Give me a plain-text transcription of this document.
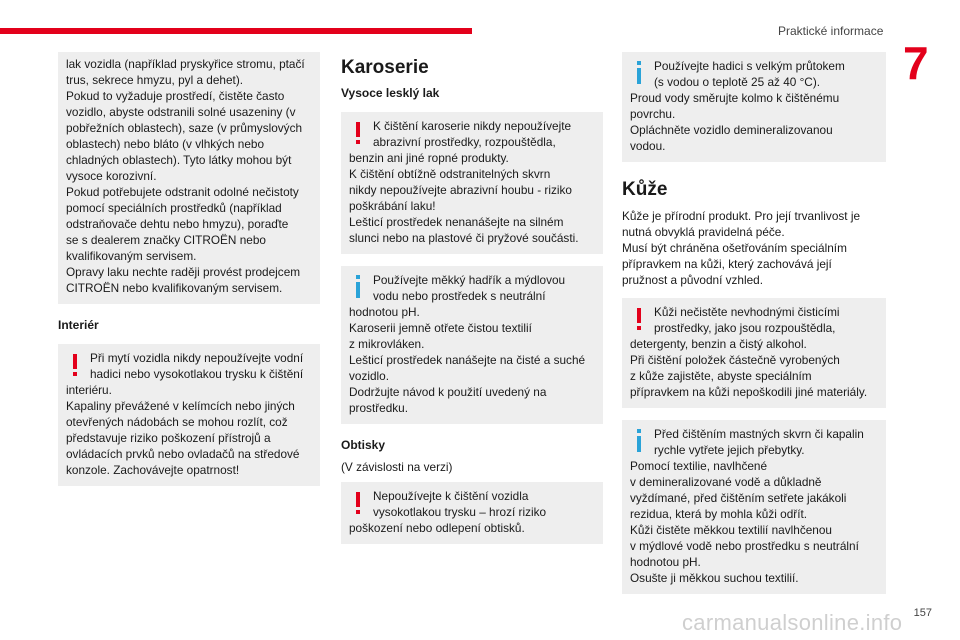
Praktické informace
7

lak vozidla (například pryskyřice stromu, ptačí
trus, sekrece hmyzu, pyl a dehet).
Pokud to vyžaduje prostředí, čistěte často
vozidlo, abyste odstranili solné usazeniny (v
pobřežních oblastech), saze (v průmyslových
oblastech) nebo bláto (v vlhkých nebo
chladných oblastech). Tyto látky mohou být
vysoce korozivní.
Pokud potřebujete odstranit odolné nečistoty
pomocí speciálních prostředků (například
odstraňovače dehtu nebo hmyzu), poraďte
se s dealerem značky CITROËN nebo
kvalifikovaným servisem.
Opravy laku nechte raději provést prodejcem
CITROËN nebo kvalifikovaným servisem.

Interiér

Při mytí vozidla nikdy nepoužívejte vodní
hadici nebo vysokotlakou trysku k čištění

interiéru.
Kapaliny převážené v kelímcích nebo jiných
otevřených nádobách se mohou rozlít, což
představuje riziko poškození přístrojů a
ovládacích prvků nebo ovladačů na středové
konzole. Zachovávejte opatrnost!

Karoserie
Vysoce lesklý lak

K čištění karoserie nikdy nepoužívejte
abrazivní prostředky, rozpouštědla,

benzin ani jiné ropné produkty.
K čištění obtížně odstranitelných skvrn
nikdy nepoužívejte abrazivní houbu - riziko
poškrábání laku!
Lešticí prostředek nenanášejte na silném
slunci nebo na plastové či pryžové součásti.

Používejte měkký hadřík a mýdlovou
vodu nebo prostředek s neutrální

hodnotou pH.
Karoserii jemně otřete čistou textilií
z mikrovláken.
Lešticí prostředek nanášejte na čisté a suché
vozidlo.
Dodržujte návod k použití uvedený na
prostředku.

Obtisky

(V závislosti na verzi)

Nepoužívejte k čištění vozidla
vysokotlakou trysku – hrozí riziko

poškození nebo odlepení obtisků.

Používejte hadici s velkým průtokem
(s vodou o teplotě 25 až 40 °C).

Proud vody směrujte kolmo k čištěnému
povrchu.
Opláchněte vozidlo demineralizovanou
vodou.

Kůže

Kůže je přírodní produkt. Pro její trvanlivost je
nutná obvyklá pravidelná péče.
Musí být chráněna ošetřováním speciálním
přípravkem na kůži, který zachovává její
pružnost a původní vzhled.

Kůži nečistěte nevhodnými čisticími
prostředky, jako jsou rozpouštědla,

detergenty, benzin a čistý alkohol.
Při čištění položek částečně vyrobených
z kůže zajistěte, abyste speciálním
přípravkem na kůži nepoškodili jiné materiály.

Před čištěním mastných skvrn či kapalin
rychle vytřete jejich přebytky.

Pomocí textilie, navlhčené
v demineralizované vodě a důkladně
vyždímané, před čištěním setřete jakákoli
rezidua, která by mohla kůži odřít.
Kůži čistěte měkkou textilií navlhčenou
v mýdlové vodě nebo prostředku s neutrální
hodnotou pH.
Osušte ji měkkou suchou textilií.

carmanualsonline.info 157
